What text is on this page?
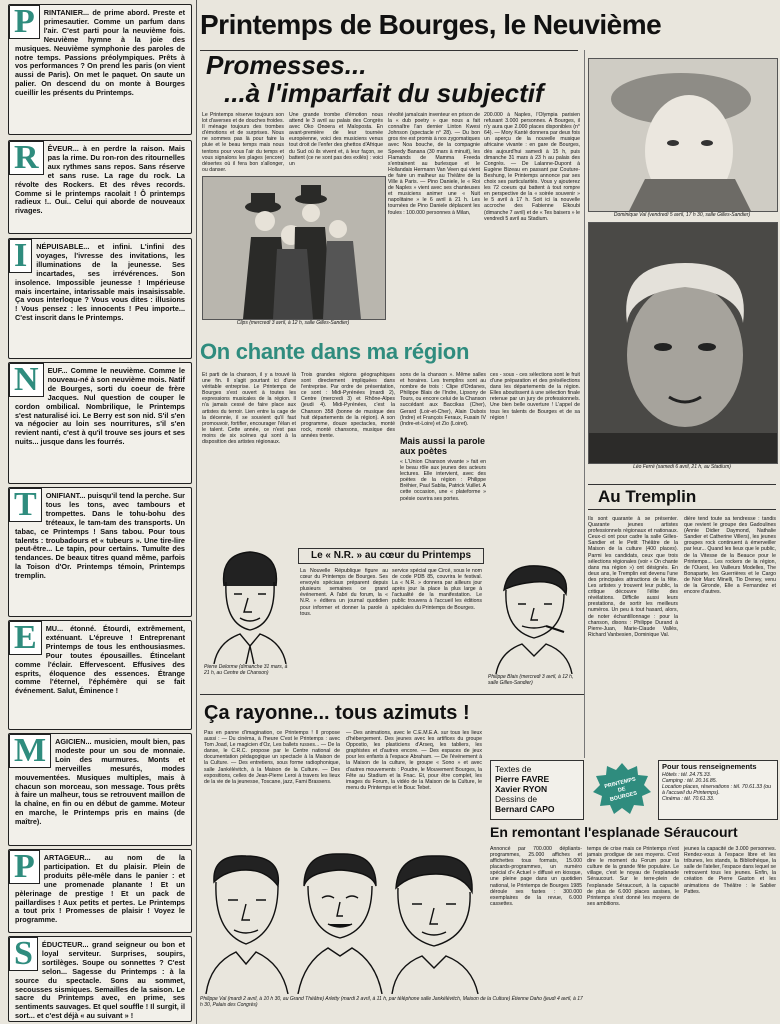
P	RINTANIER... de prime abord. Preste et primesautier. Comme un parfum dans l'air. C'est parti pour la neuvième fois. Neuvième hymne à la joie des musiques. Neuvième symphonie des paroles de notre temps. Passions préolympiques. Prêts à vos performances ? On prend les paris (on vient aussi de Paris). On met le paquet. On saute un palier. On descend du on monte à Bourges cueillir les présents du Printemps.

R	ÊVEUR... à en perdre la raison. Mais pas la rime. Du ron-ron des ritournelles aux rythmes sans repos. Sans réserve et sans ruse. La rage du rock. La révolte des Rockers. Et des rêves records. Comme si le printemps racolait ! Ô printemps radieux !.. Oui.. Celui qui aborde de nouveaux rivages.

I	NÉPUISABLE... et infini. L'infini des voyages, l'ivresse des invitations, les illuminations de la jeunesse. Ses incartades, ses irrévérences. Son insolence. Impossible jeunesse ! Impérieuse mais incertaine, intarissable mais insaisissable. Ça vous interloque ? Vous vous dites : illusions ! Vous pensez : les innocents ! Peu importe... C'est inscrit dans le Printemps.

N	EUF... Comme le neuvième. Comme le nouveau-né à son neuvième mois. Natif de Bourges, sorti du coeur de frère Jacques. Nul question de couper le cordon ombilical. Nombrilique, le Printemps s'est naturalisé ici. Le Berry est son nid. S'il s'en va négocier au loin ses nourritures, s'il s'en revient nanti, c'est à qu'il trouve ses jours et ses nuits... jusque dans les fourrés.

T	ONIFIANT... puisqu'il tend la perche. Sur tous les tons, avec tambours et trompettes. Dans le tohu-bohu des tréteaux, le tam-tam des transports. Un tabac, ce Printemps ! Sans tabou. Pour tous talents : troubadours et « tubeurs ». Une tire-lire peut-être... Le tapin, pour certains. Tumulte des tendances. De beaux titres quand même, parfois la Toison d'Or. Printemps témoin, Printemps tremplin.

E	MU... étonné. Étourdi, extrêmement, exténuant. L'épreuve ! Entreprenant Printemps de tous les enthousiasmes. Pour toutes épousailles. Étincelant comme l'éclair. Effervescent. Effusives des esprits, éloquence des essences. Étrange comme l'éternel, l'éphémère qui se fait événement. Salut, Éminence !

M	AGICIEN... musicien, moult bien, pas modeste pour un sou de monnaie. Loin des murmures. Monts et merveilles mesurés, modes mouvementées. Musiques multiples, mais à chacun son morceau, son message. Tous prêts à faire un malheur, tous se retrouvent maillon de la chaîne, en fin ou en début de gamme. Moteur en marche, le Printemps pris en mains (de maître).

P	ARTAGEUR... au nom de la participation. Et du plaisir. Plein de produits pêle-mêle dans le panier : et une promenade planante ! Et un pèlerinage de prestige ! Et un pack de paillardises ! Aux petits et pertes. Le Printemps a tout prix ! Promesses de plaisir ! Voyez le programme.

S	ÉDUCTEUR... grand seigneur ou bon et loyal serviteur. Surprises, soupirs, sortilèges. Soupe ou sonnettes ? C'est selon... Sagesse du Printemps : à la source du spectacle. Sons au sommet, secousses sismiques. Semailles de la saison. Le sacre du Printemps avec, en prime, ses sentiments sauvages. Et quel souffle ! Il surgit, il sort... et c'est déjà « au suivant » !

Printemps de Bourges, le Neuvième
Promesses...
...à l'imparfait du subjectif

Le Printemps réserve toujours son lot d'averses et de douches froides. Il ménage toujours des trombes d'émotions et de surprises. Nous ne sommes pas là pour faire la pluie et le beau temps mais nous tentons pour vous l'air du temps et vous signalons les plages (encore) désertes où il fera bon s'allonger, ou danser.

Une grande trombe d'émotion nous attend le 3 avril au palais des Congrès avec Oko Onoera et Maloposta. En avant-première de leur tournée européenne, voici des musiciens venus tout droit de l'enfer des ghettos d'Afrique du Sud où ils vivent et, à leur façon, se battent (ce ne sont pas des exilés) : voici un

révolté jamaïcain inventeur en prison de la « dub poetry » que nous a fait connaître l'an dernier Linton Kwesi Johnson (spectacle n° 28). — Du bon gros rire est promis à nos zygomatiques avec Noa bouche, de la compagnie Speedy Banana (30 mars à minuit), les Flamands de Mamma Freeda s'entrainent au burlesque et le Hollandais Hermann Van Veen qui vient de faire un malheur au Théâtre de la Ville à Paris. — Pino Daniele, le « Roi de Naples » vient avec ses chanteuses et musiciens animer une « Nuit napolitaine » le 6 avril à 21 h. Les tournées de Pino Daniele déplacent les foules : 100.000 personnes à Milan,

200.000 à Naples, l'Olympia parisien refusant 3.000 personnes. A Bourges, il n'y aura que 2.000 places disponibles (n° 64). — Mory Kanté donnera par deux fois un aperçu de la nouvelle musique africaine vivante : en gare de Bourges, dès aujourd'hui samedi à 15 h, puis dimanche 31 mars à 23 h au palais des Congrès. — De Lalanne-Dupont à Eugène Bizeau en passant par Couture-Beshung, le Printemps annonce par ses choix ses particularités. Vous y ajouterez les 72 coeurs qui battent à tout rompre en perspective de la « soirée souvenir » le 5 avril à 17 h. Soit ici la nouvelle accroche des Fabienne Elkoubi (dimanche 7 avril) et de « Tes baisers » le vendredi 5 avril au Stadium.

Clips (mercredi 3 avril, à 12 h, salle Gilles-Sandier)
Dominique Val (vendredi 5 avril, 17 h 30, salle Gilles-Sandier)
Léo Ferré (samedi 6 avril, 21 h, au Stadium)
On chante dans ma région

Et parti de la chanson, il y a trouvé là une fin. Il s'agit pourtant ici d'une véritable entreprise. Le Printemps de Bourges s'est ouvert à toutes les expressions musicales de la région. Il n'a jamais cessé de faire place aux artistes du terroir. Lien entre la cage de la décennie, il se souvient qu'il faut promouvoir, fortifier, encourager l'élan et le talent. Cette année, ce n'est pas moins de six scènes qui sont à la disposition des artistes régionaux.

Trois grandes régions géographiques sont directement impliquées dans l'entreprise. Par ordre de présentation, ce sont : Midi-Pyrénées (mardi 2), Centre (mercredi 3) et Rhône-Alpes (jeudi 4). Midi-Pyrénées, c'est la Chanson 358 (bonne de musique des huit départements de la région). A son programme, douze spectacles, monté rock, monté chansons, musique des années trente.

sons de la chanson ». Même salles et horaires. Les tremplins sont au nombre de trois : Clipe d'Ordanes, Philippe Blais de l'Indre, Lipsony de Tours, ou encore celui de la Chanson succédant aux Baccikas (Cher), Gerard (Loir-et-Cher), Alain Dubois (Indre) et François Feraux, Fusain IV (Indre-et-Loire) et Zio (Loiret).

ces - sous - ces sélections sont le fruit d'une préparation et des présélections dans les départements de la région. Elles aboutissent à une sélection finale retenue par un jury de professionnels. Une bien belle ouverture ! L'appel de tous les talents de Bourges et de sa région !

Mais aussi la parole aux poètes

« L'Union Chanson vivante » fait en le beau rôle aux jeunes des acteurs lectures. Elle intervient, avec des poètes de la région : Philippe Bréhier, Paul Sablia, Patrick Vuillet. A cette occasion, une « plateforme » poésie ouvrira ses portes.	Au Tremplin

Ils sont quarante à se présenter. Quarante jeunes artistes professionnels régionaux et nationaux. Ceux-ci ont pour cadre la salle Gilles-Sandier et le Petit Théâtre de la Maison de la culture (400 places). Parmi les candidats, ceux que trois sélections régionales (voir « On chante dans ma région ») ont désignés. En deux ans, le Tremplin est devenu l'une des principales attractions de la fête. Les artistes y trouvent leur public, la critique découvre l'élite des révélations. Difficile aussi leurs prestations, de sortir les meilleurs numéros. Un peu à tout hasard, alors, de noter échantillonnage : pour la chanson, disons : Philippe Durand à Pierre-Juan, Marie-Claude Vallès, Richard Vanbesien, Dominique Val.

dière tend toute sa tendresse : tandis que revient le groupe des Gadoulines (Annie Didier Daymond, Nathalie Sandier et Catherine Villers), les jeunes groupes rock continuent à émerveiller par leur... Quand les lieux que le public, de la Vitesse de la Beauce pour le Printemps... Les rockers de la région, de l'Ouest, les Vailleurs Modelles, The Bonaparte, les Guerrières et le Cargo de Noir Marc Minelli, Tio Dreney, venu de la Gironde, Elle a Fernandez et encore d'autres.

Le « N.R. » au cœur du Printemps

La Nouvelle République figure au cœur du Printemps de Bourges. Ses envoyés spéciaux préparent depuis plusieurs semaines ce grand événement. A l'abri du forum, la « N.R. » éditera un journal quotidien pour informer et donner la parole à tous.

service spécial que Circé, sous le nom de code PDB 85, couvrira le festival. La « N.R. » donnera par ailleurs jour après jour la place la plus large à l'actualité de la manifestation. Le public trouvera à l'accueil les éditions spéciales du Printemps de Bourges.

Pierre Delorme (dimanche 31 mars, à 21 h, au Centre de Chanson)
Philippe Blais (mercredi 3 avril, à 12 h, salle Gilles-Sandier)
Ça rayonne... tous azimuts !

Pas en panne d'imagination, ce Printemps ! Il propose aussi : — Du cinéma, à l'heure C'est le Printemps : avec Tom Joad, Le magicien d'Oz, Les ballets russes... — De la danse, le C.R.C. propose par le Centre national de documentation pédagogique un spectacle à la Maison de la Culture. — Des entretiens, sous forme radiophonique, salle Jankélévitch, à la Maison de la Culture. — Des expositions, celles de Jean-Pierre Leroi à travers les lieux de la vie de la jeunesse, Toscane, jazz, Fami Brassens.

— Des animations, avec le C.E.M.E.A. sur tous les lieux d'hébergement. Des jeunes avec les artifices du groupe Oppostio, les plasticiens d'Arseq, les tabliers, les graphistes et d'autres encore. — Des espaces de jeux pour les enfants à l'espace Abraham. — De l'événement à la Maison de la culture, le groupe « Sono » et avec d'autres mouvements : Poudre, le Mouvement Bourges, la Fête au Stadium et la Fnac. Et, pour être complet, les images du Forum, la vidéo de la Maison de la Culture, le menu du Printemps et le Bouc Tebet.

Textes de
Pierre FAVRE
Xavier RYON
Dessins de
Bernard CAPO
PRINTEMPS DE BOURGES
Pour tous renseignements
Hôtels : tél. 24.75.33.
Camping : tél. 20.16.85.
Location places, réservations : tél. 70.61.33 (ou à l'accueil du Printemps).
Cinéma : tél. 70.61.33.
Philippe Val (mardi 2 avril, à 10 h 30, au Grand Théâtre) Arletty (mardi 2 avril, à 11 h, par téléphone salle Jankélévitch, Maison de la Culture) Étienne Daho (jeudi 4 avril, à 17 h 30, Palais des Congrès)
En remontant l'esplanade Séraucourt

Annoncé par 700.000 dépliants-programmes, 25.000 affiches et affichettes tous formats, 15.000 placards-programmes, un numéro spécial d'« Actuel » diffusé en kiosque, une pleine page dans un quotidien national, le Printemps de Bourges 1985 déroule ses fastes : 300.000 exemplaires de la revue, 6.000 cassettes.

temps de crise mais ce Printemps n'est jamais prodigue de ses moyens. C'est dire le moment du Forum pour la culture de la grande fête populaire. Le village, c'est le noyau de l'esplanade Séraucourt. Sur le terre-plein de l'esplanade Séraucourt, à la capacité de plus de 6.000 places assises, le Printemps s'est donné les moyens de ses ambitions.

jeunes la capacité de 3.000 personnes. Rendez-vous à l'espace libre et les tribunes, les stands, la Bibliothèque, la salle de l'atelier, l'espace dans lequel se retrouvent tous les jeunes. Enfin, la création de Pierre Gaston et les animations de Théâtre : le Sablier Pattes.
